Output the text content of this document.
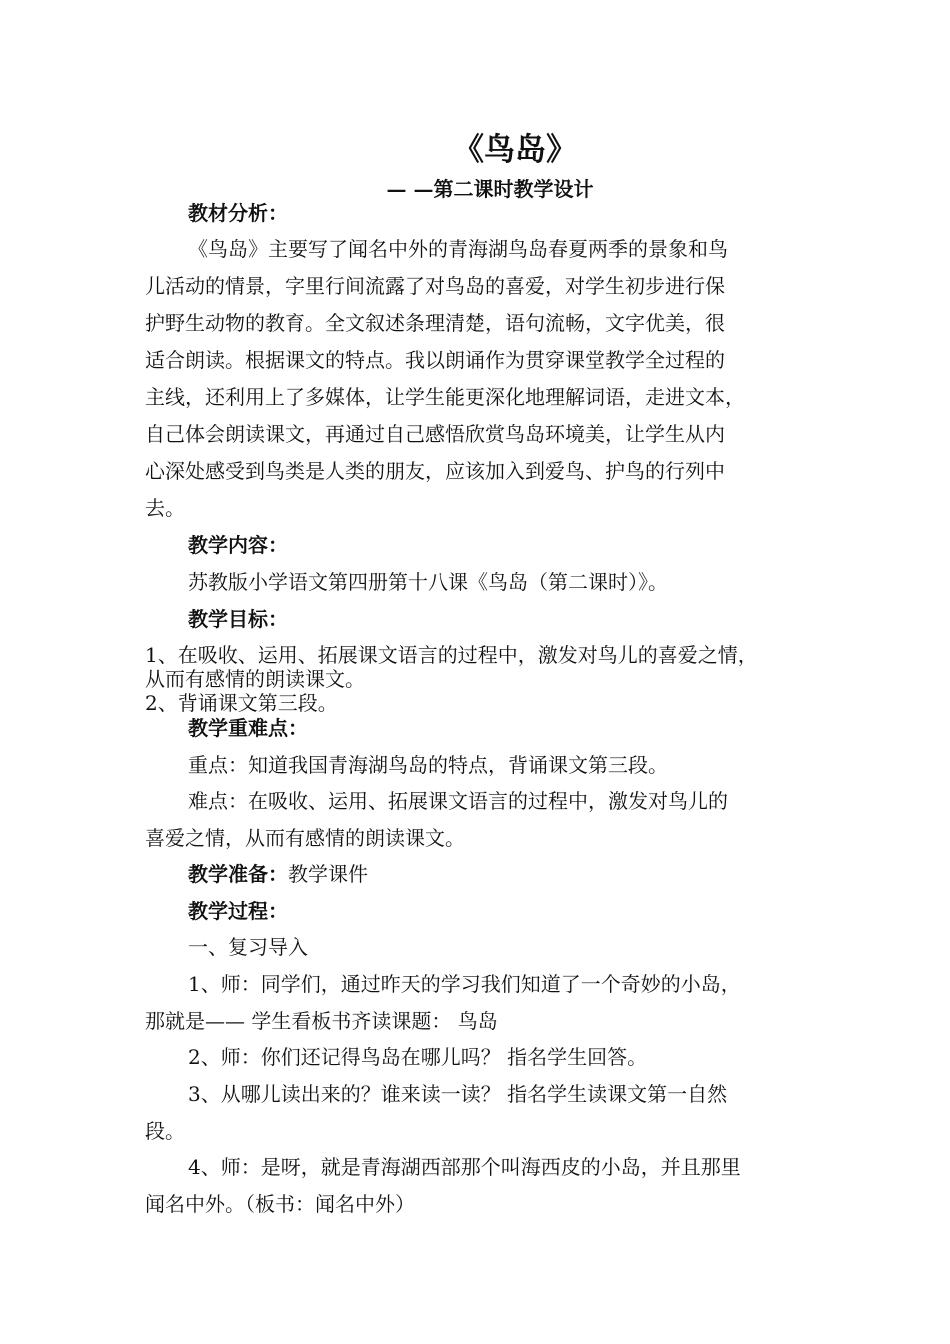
《鸟岛》
— —第二课时教学设计
教材分析：
《鸟岛》主要写了闻名中外的青海湖鸟岛春夏两季的景象和鸟
儿活动的情景，字里行间流露了对鸟岛的喜爱，对学生初步进行保
护野生动物的教育。全文叙述条理清楚，语句流畅，文字优美，很
适合朗读。根据课文的特点。我以朗诵作为贯穿课堂教学全过程的
主线，还利用上了多媒体，让学生能更深化地理解词语，走进文本，
自己体会朗读课文，再通过自己感悟欣赏鸟岛环境美，让学生从内
心深处感受到鸟类是人类的朋友，应该加入到爱鸟、护鸟的行列中
去。
教学内容：
苏教版小学语文第四册第十八课《鸟岛（第二课时）》。
教学目标：
1、在吸收、运用、拓展课文语言的过程中，激发对鸟儿的喜爱之情，
从而有感情的朗读课文。
2、背诵课文第三段。
教学重难点：
重点：知道我国青海湖鸟岛的特点，背诵课文第三段。
难点：在吸收、运用、拓展课文语言的过程中，激发对鸟儿的
喜爱之情，从而有感情的朗读课文。
教学准备：教学课件
教学过程：
一、复习导入
1、师：同学们，通过昨天的学习我们知道了一个奇妙的小岛，
那就是—— 学生看板书齐读课题： 鸟岛
2、师：你们还记得鸟岛在哪儿吗？ 指名学生回答。
3、从哪儿读出来的？谁来读一读？ 指名学生读课文第一自然
段。
4、师：是呀，就是青海湖西部那个叫海西皮的小岛，并且那里
闻名中外。（板书：闻名中外）
